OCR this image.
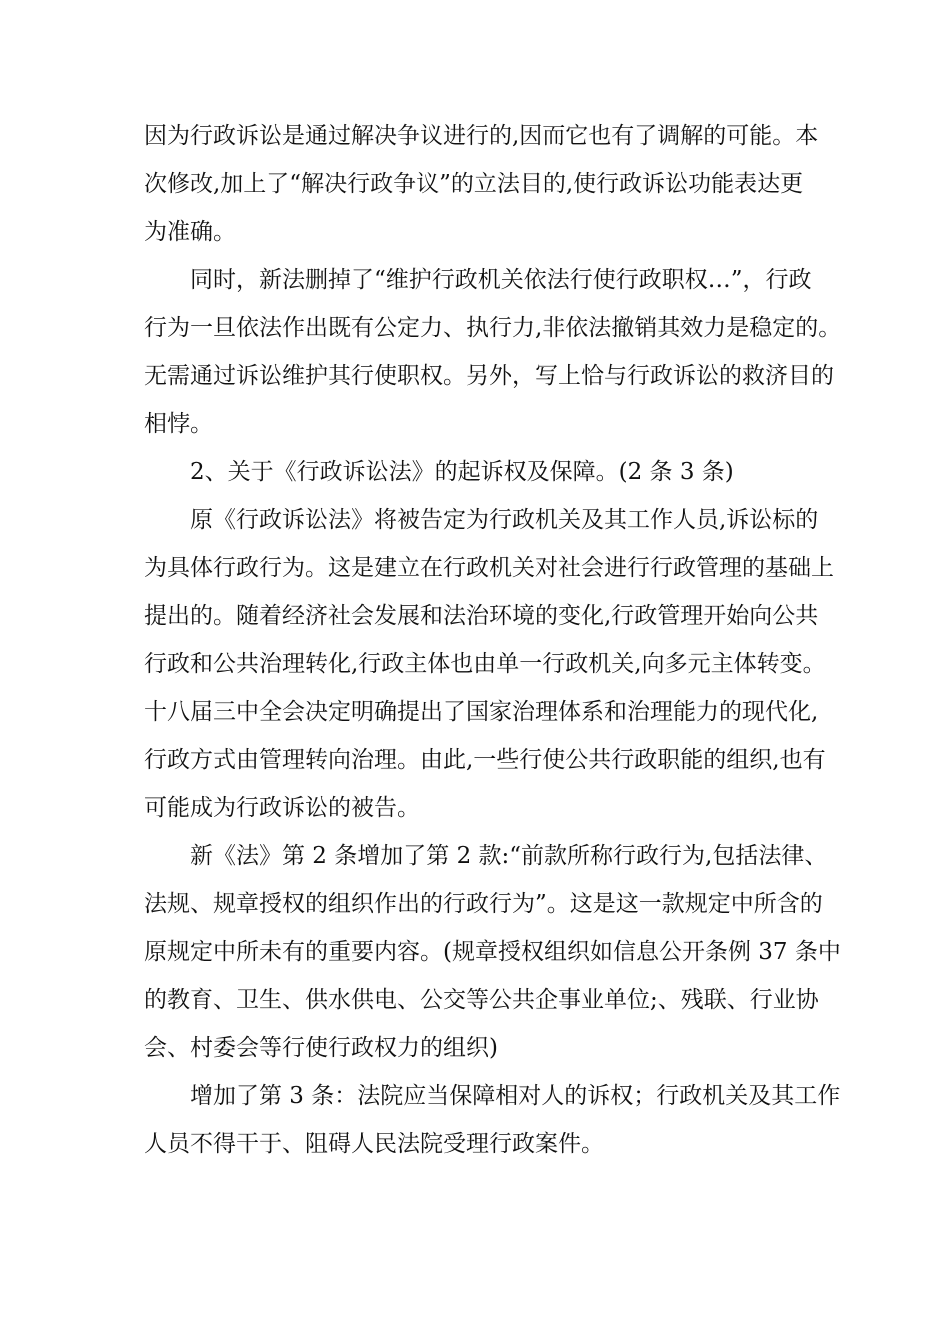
因为行政诉讼是通过解决争议进行的,因而它也有了调解的可能。本
次修改,加上了“解决行政争议”的立法目的,使行政诉讼功能表达更
为准确。

同时，新法删掉了“维护行政机关依法行使行政职权…”，行政
行为一旦依法作出既有公定力、执行力,非依法撤销其效力是稳定的。
无需通过诉讼维护其行使职权。另外，写上恰与行政诉讼的救济目的
相悖。

2、关于《行政诉讼法》的起诉权及保障。(2 条 3 条)

原《行政诉讼法》将被告定为行政机关及其工作人员,诉讼标的
为具体行政行为。这是建立在行政机关对社会进行行政管理的基础上
提出的。随着经济社会发展和法治环境的变化,行政管理开始向公共
行政和公共治理转化,行政主体也由单一行政机关,向多元主体转变。
十八届三中全会决定明确提出了国家治理体系和治理能力的现代化,
行政方式由管理转向治理。由此,一些行使公共行政职能的组织,也有
可能成为行政诉讼的被告。

新《法》第 2 条增加了第 2 款:“前款所称行政行为,包括法律、
法规、规章授权的组织作出的行政行为”。这是这一款规定中所含的
原规定中所未有的重要内容。(规章授权组织如信息公开条例 37 条中
的教育、卫生、供水供电、公交等公共企事业单位;、残联、行业协
会、村委会等行使行政权力的组织)

增加了第 3 条：法院应当保障相对人的诉权；行政机关及其工作
人员不得干于、阻碍人民法院受理行政案件。
